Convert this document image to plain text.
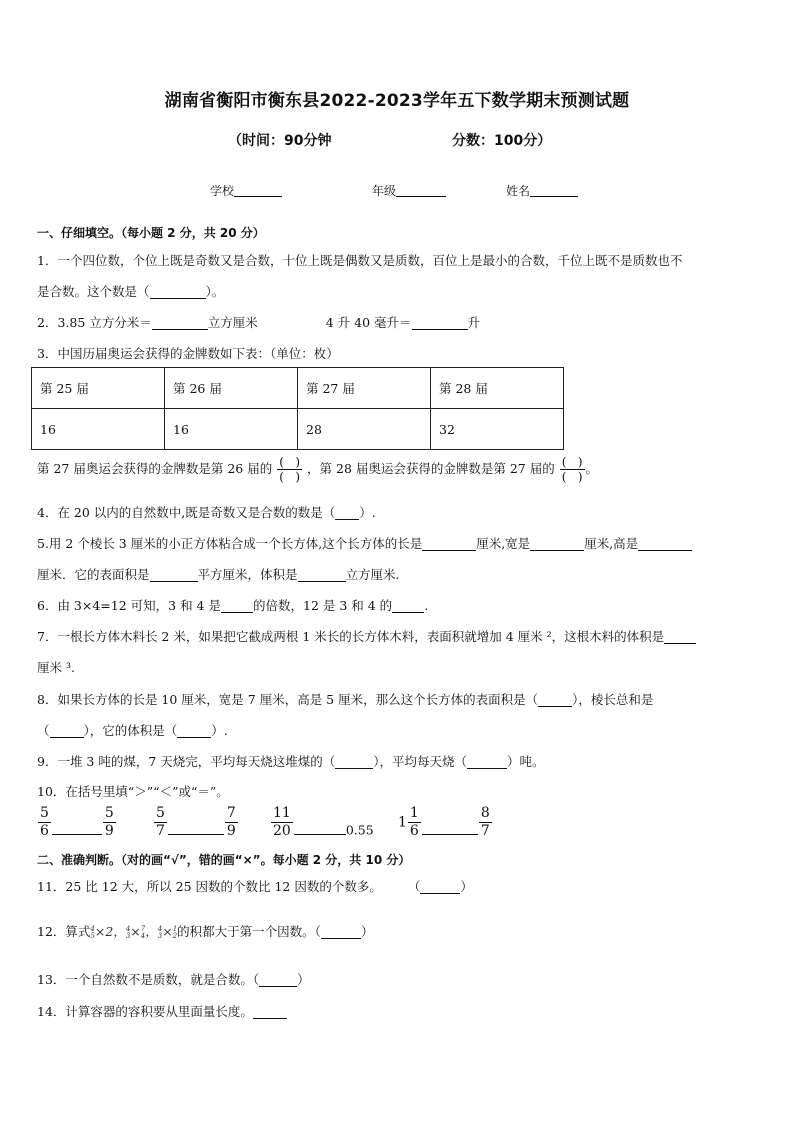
湖南省衡阳市衡东县2022-2023学年五下数学期末预测试题
（时间：90分钟	分数：100分）
学校	年级	姓名
一、仔细填空。（每小题 2 分，共 20 分）
1．一个四位数，个位上既是奇数又是合数，十位上既是偶数又是质数，百位上是最小的合数，千位上既不是质数也不
是合数。这个数是（	）。
2．3.85 立方分米＝	立方厘米	4 升 40 毫升＝	升
3．中国历届奥运会获得的金牌数如下表：（单位：枚）
第 25 届	第 26 届	第 27 届	第 28 届
16	16	28	32
第 27 届奥运会获得的金牌数是第 26 届的 $\frac{( )}{( )}$ ，第 28 届奥运会获得的金牌数是第 27 届的 $\frac{( )}{( )}$ 。
4．在 20 以内的自然数中,既是奇数又是合数的数是（ ）.
5.用 2 个棱长 3 厘米的小正方体粘合成一个长方体,这个长方体的长是	厘米,宽是	厘米,高是
厘米．它的表面积是	平方厘米，体积是	立方厘米.
6．由 3×4=12 可知，3 和 4 是	的倍数，12 是 3 和 4 的	.
7．一根长方体木料长 2 米，如果把它截成两根 1 米长的长方体木料，表面积就增加 4 厘米 ²，这根木料的体积是
厘米 ³.
8．如果长方体的长是 10 厘米，宽是 7 厘米，高是 5 厘米，那么这个长方体的表面积是（	），棱长总和是
（	），它的体积是（	）.
9．一堆 3 吨的煤，7 天烧完，平均每天烧这堆煤的（	），平均每天烧（	）吨。
10．在括号里填“＞”“＜”或“＝”。
$\frac{5}{6}$	$\frac{5}{9}$	$\frac{5}{7}$	$\frac{7}{9} \frac{11}{20}$	0.55 $1 \frac{1}{6}$	$\frac{8}{7}$
二、准确判断。（对的画“√”，错的画“×”。每小题 2 分，共 10 分）
11．25 比 12 大，所以 25 因数的个数比 12 因数的个数多。 （	）
12．算式 4
5 ×2， 4
3 × 7
4 ， 4
3 × 1
2 的积都大于第一个因数。（	）
13．一个自然数不是质数，就是合数。（	）
14．计算容器的容积要从里面量长度。
